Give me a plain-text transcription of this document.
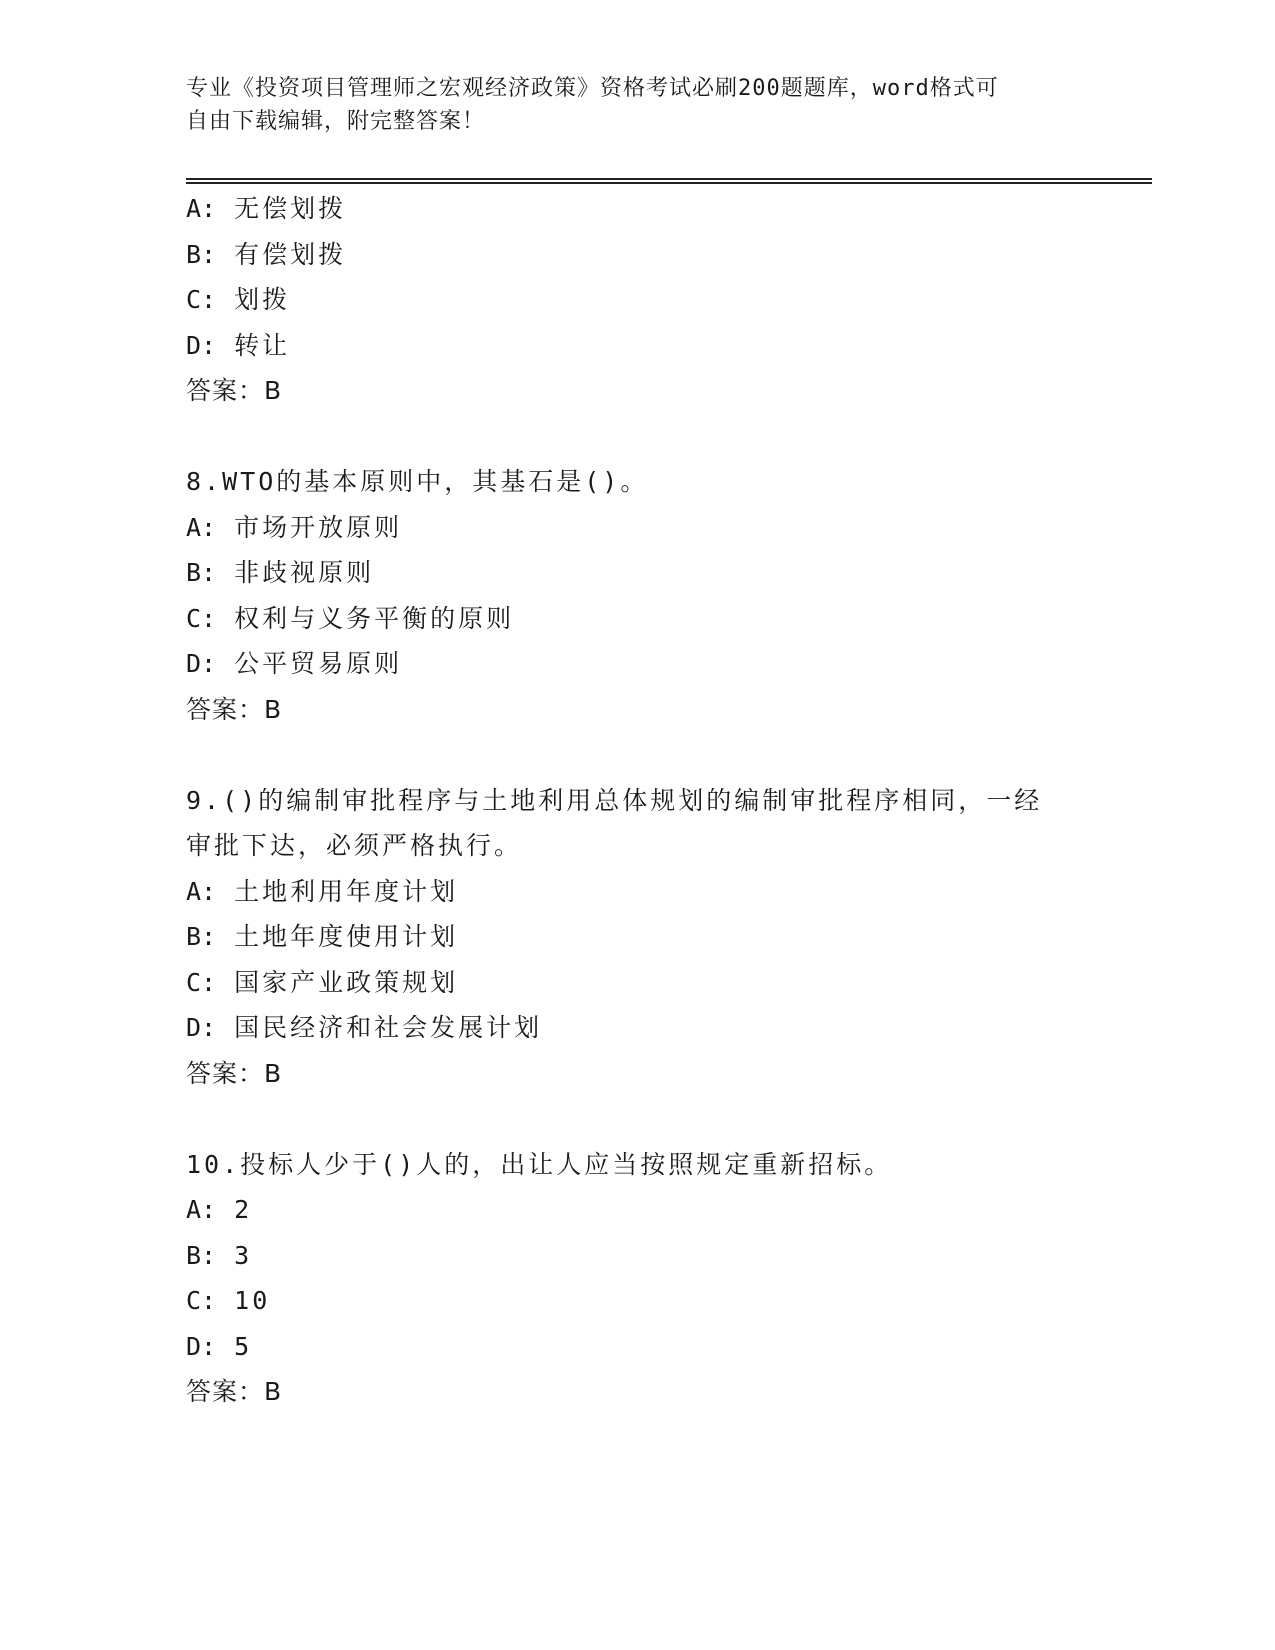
专业《投资项目管理师之宏观经济政策》资格考试必刷200题题库，word格式可
自由下载编辑，附完整答案！
A: 无偿划拨
B: 有偿划拨
C: 划拨
D: 转让
答案：B
8.WTO的基本原则中，其基石是()。
A: 市场开放原则
B: 非歧视原则
C: 权利与义务平衡的原则
D: 公平贸易原则
答案：B
9.()的编制审批程序与土地利用总体规划的编制审批程序相同，一经
审批下达，必须严格执行。
A: 土地利用年度计划
B: 土地年度使用计划
C: 国家产业政策规划
D: 国民经济和社会发展计划
答案：B
10.投标人少于()人的，出让人应当按照规定重新招标。
A: 2
B: 3
C: 10
D: 5
答案：B
